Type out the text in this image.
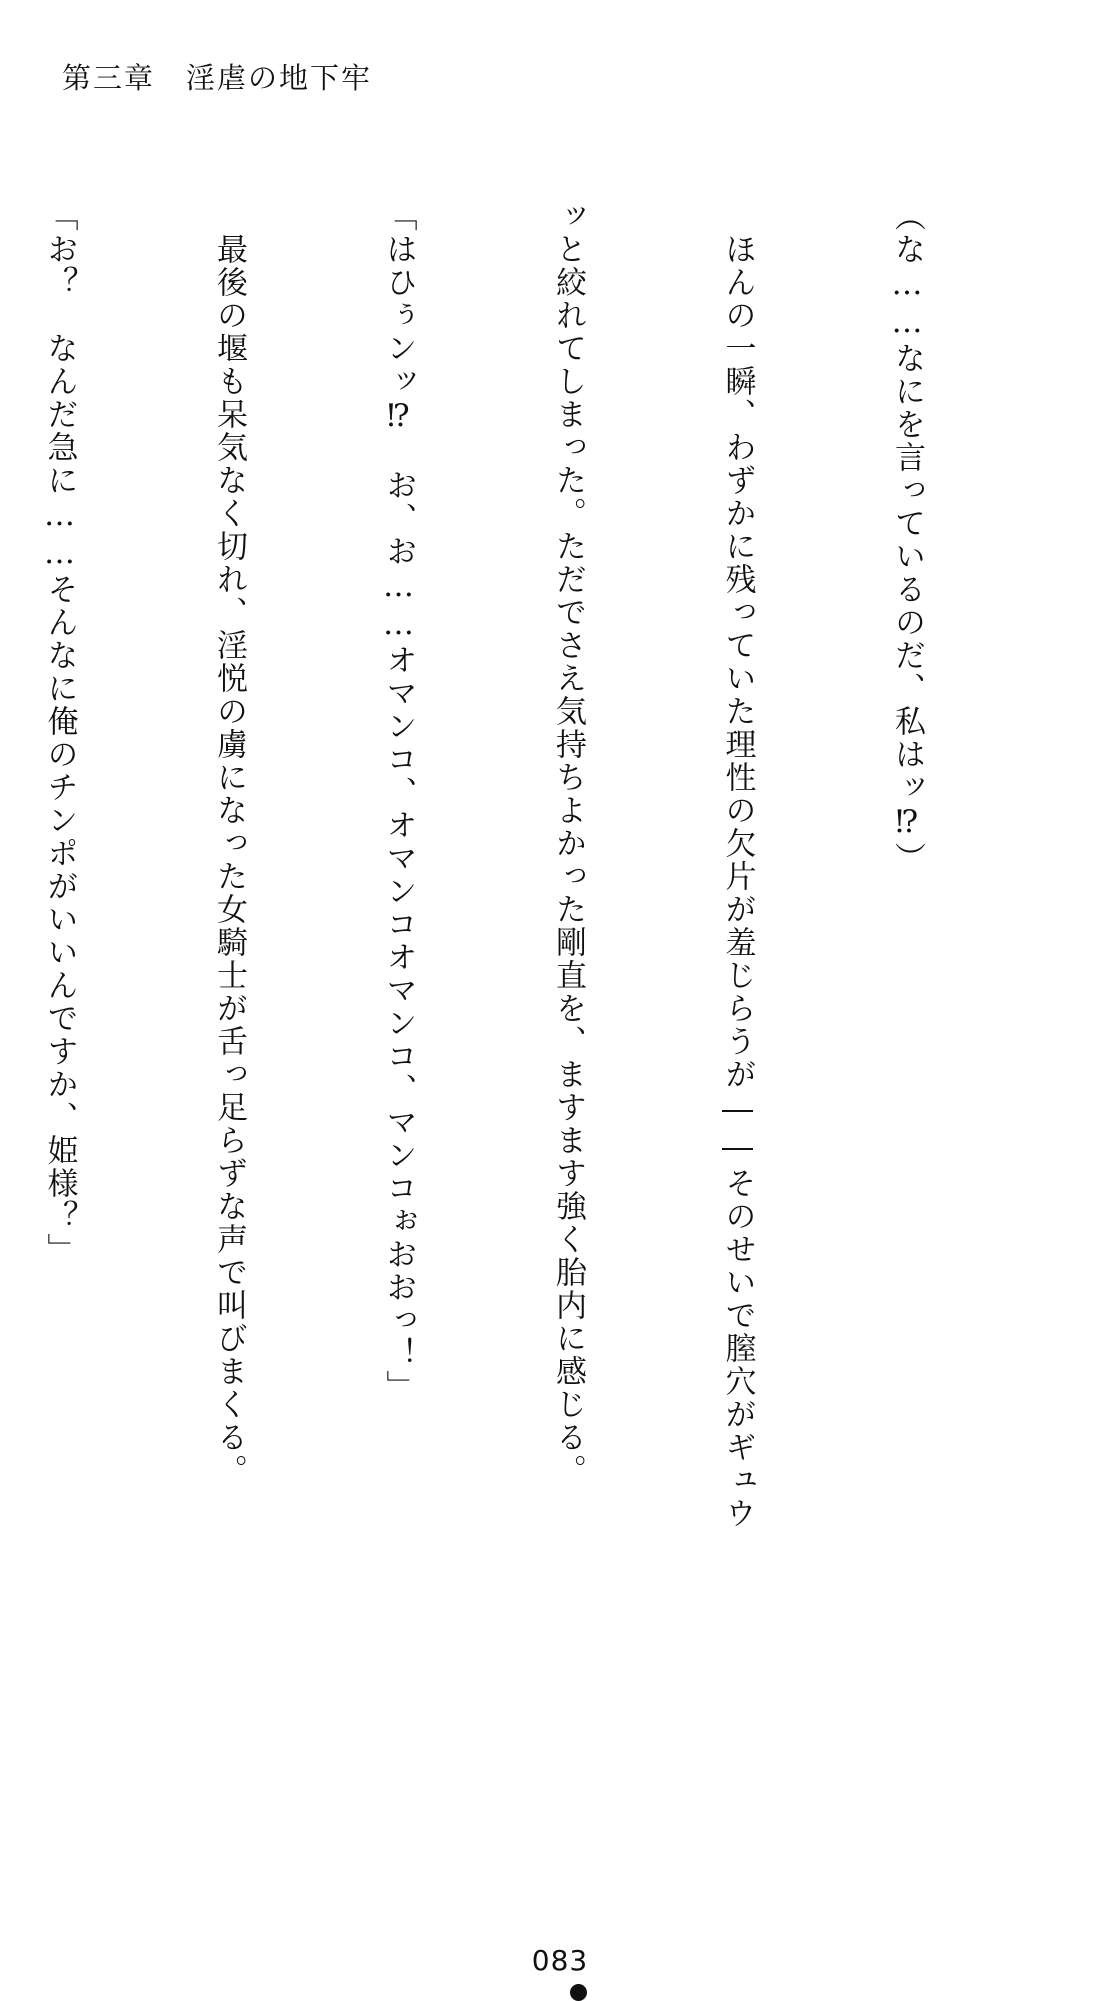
第三章　淫虐の地下牢

（な……なにを言っているのだ、私はッ⁉）

　ほんの一瞬、わずかに残っていた理性の欠片が羞じらうが――そのせいで膣穴がギュウ

ッと絞れてしまった。ただでさえ気持ちよかった剛直を、ますます強く胎内に感じる。

「はひぅンッ⁉　お、お……オマンコ、オマンコオマンコ、マンコぉおおっ！」

　最後の堰も呆気なく切れ、淫悦の虜になった女騎士が舌っ足らずな声で叫びまくる。

「お？　なんだ急に……そんなに俺のチンポがいいんですか、姫様？」

083
